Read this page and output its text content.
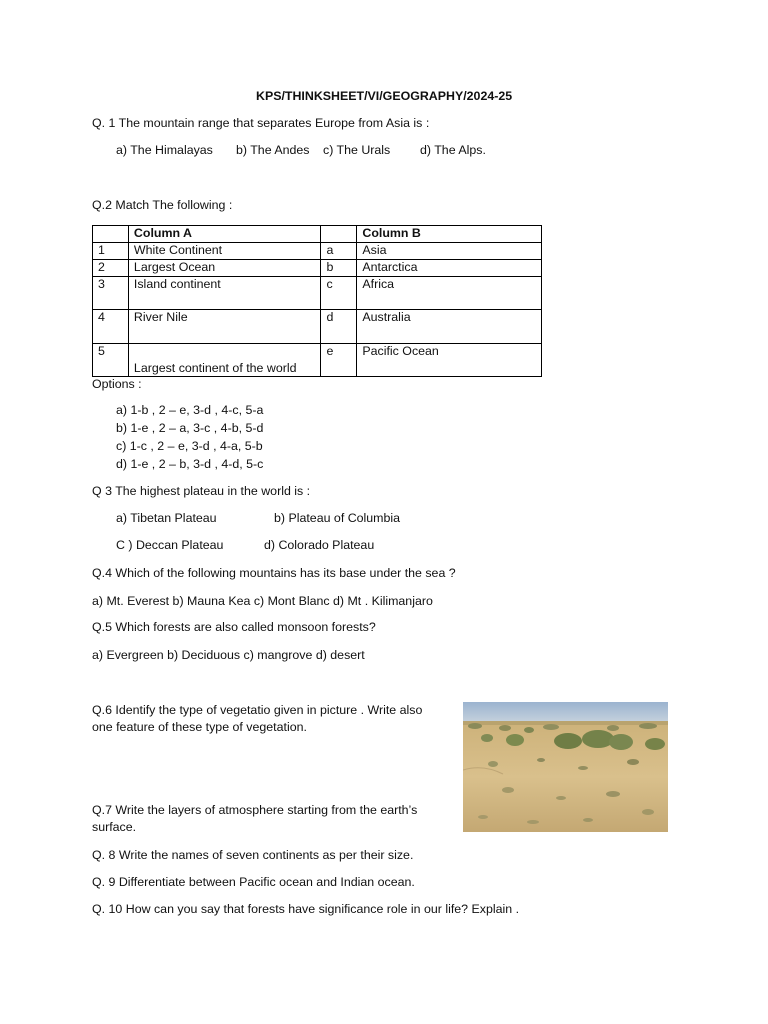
KPS/THINKSHEET/VI/GEOGRAPHY/2024-25
Q. 1 The mountain range that separates Europe from Asia is :
a) The Himalayas b) The Andes c) The Urals d) The Alps.
Q.2 Match The following :
	Column A		Column B
1	White Continent	a	Asia
2	Largest Ocean	b	Antarctica
3	Island continent	c	Africa
4	River Nile	d	Australia
5	Largest continent of the world	e	Pacific Ocean
Options :
a) 1-b , 2 – e, 3-d , 4-c, 5-a
b) 1-e , 2 – a, 3-c , 4-b, 5-d
c) 1-c , 2 – e, 3-d , 4-a, 5-b
d) 1-e , 2 – b, 3-d , 4-d, 5-c
Q 3 The highest plateau in the world is :
a) Tibetan Plateau	b) Plateau of Columbia
C ) Deccan Plateau	d) Colorado Plateau
Q.4 Which of the following mountains has its base under the sea ?
a) Mt. Everest b) Mauna Kea c) Mont Blanc d) Mt . Kilimanjaro
Q.5 Which forests are also called monsoon forests?
a) Evergreen b) Deciduous c) mangrove d) desert
Q.6 Identify the type of vegetatio given in picture . Write also
one feature of these type of vegetation.
Q.7 Write the layers of atmosphere starting from the earth’s
surface.
Q. 8 Write the names of seven continents as per their size.
Q. 9 Differentiate between Pacific ocean and Indian ocean.
Q. 10 How can you say that forests have significance role in our life? Explain .
